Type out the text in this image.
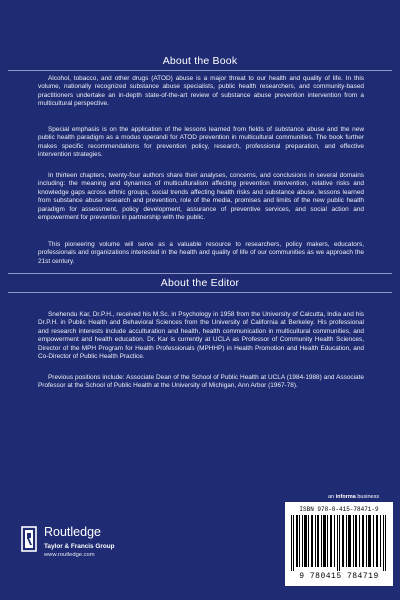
About the Book
Alcohol, tobacco, and other drugs (ATOD) abuse is a major threat to our health and quality of life. In this volume, nationally recognized substance abuse specialists, public health researchers, and community-based practitioners undertake an in-depth state-of-the-art review of substance abuse prevention intervention from a multicultural perspective.
Special emphasis is on the application of the lessons learned from fields of substance abuse and the new public health paradigm as a modus operandi for ATOD prevention in multicultural communities. The book further makes specific recommendations for prevention policy, research, professional preparation, and effective intervention strategies.
In thirteen chapters, twenty-four authors share their analyses, concerns, and conclusions in several domains including: the meaning and dynamics of multiculturalism affecting prevention intervention, relative risks and knowledge gaps across ethnic groups, social trends affecting health risks and substance abuse, lessons learned from substance abuse research and prevention, role of the media, promises and limits of the new public health paradigm for assessment, policy development, assurance of preventive services, and social action and empowerment for prevention in partnership with the public.
This pioneering volume will serve as a valuable resource to researchers, policy makers, educators, professionals and organizations interested in the health and quality of life of our communities as we approach the 21st century.
About the Editor
Snehendu Kar, Dr.P.H., received his M.Sc. in Psychology in 1958 from the University of Calcutta, India and his Dr.P.H. in Public Health and Behavioral Sciences from the University of California at Berkeley. His professional and research interests include acculturation and health, health communication in multicultural communities, and empowerment and health education. Dr. Kar is currently at UCLA as Professor of Community Health Sciences, Director of the MPH Program for Health Professionals (MPHHP) in Health Promotion and Health Education, and Co-Director of Public Health Practice.
Previous positions include: Associate Dean of the School of Public Health at UCLA (1984-1988) and Associate Professor at the School of Public Health at the University of Michigan, Ann Arbor (1967-78).
an informa business
Routledge
Taylor & Francis Group
www.routledge.com
ISBN 978-0-415-78471-9
9 780415 784719
